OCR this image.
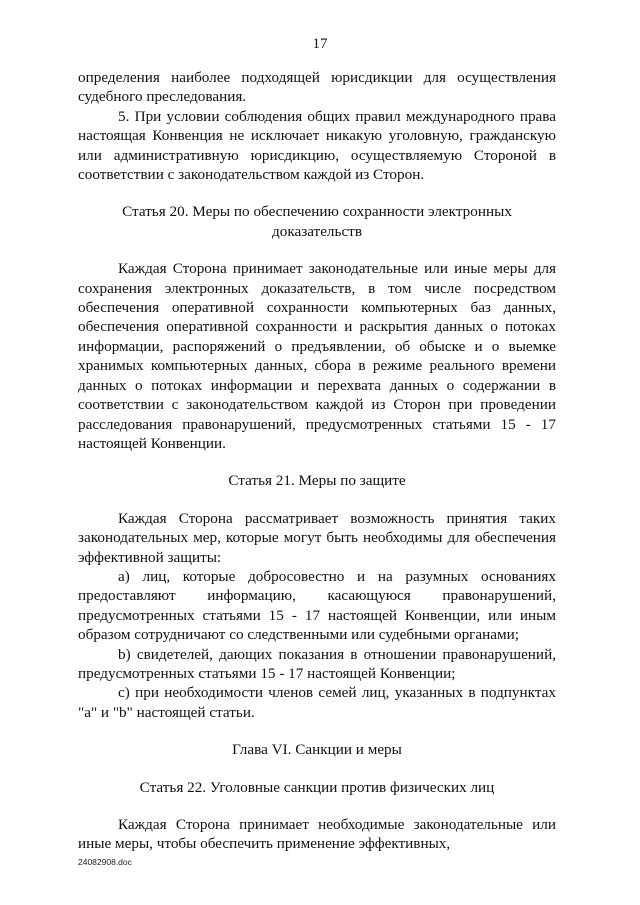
17

определения наиболее подходящей юрисдикции для осуществления судебного преследования.

5. При условии соблюдения общих правил международного права настоящая Конвенция не исключает никакую уголовную, гражданскую или административную юрисдикцию, осуществляемую Стороной в соответствии с законодательством каждой из Сторон.

Статья 20. Меры по обеспечению сохранности электронных доказательств

Каждая Сторона принимает законодательные или иные меры для сохранения электронных доказательств, в том числе посредством обеспечения оперативной сохранности компьютерных баз данных, обеспечения оперативной сохранности и раскрытия данных о потоках информации, распоряжений о предъявлении, об обыске и о выемке хранимых компьютерных данных, сбора в режиме реального времени данных о потоках информации и перехвата данных о содержании в соответствии с законодательством каждой из Сторон при проведении расследования правонарушений, предусмотренных статьями 15 - 17 настоящей Конвенции.

Статья 21. Меры по защите

Каждая Сторона рассматривает возможность принятия таких законодательных мер, которые могут быть необходимы для обеспечения эффективной защиты:

a) лиц, которые добросовестно и на разумных основаниях предоставляют информацию, касающуюся правонарушений, предусмотренных статьями 15 - 17 настоящей Конвенции, или иным образом сотрудничают со следственными или судебными органами;

b) свидетелей, дающих показания в отношении правонарушений, предусмотренных статьями 15 - 17 настоящей Конвенции;

c) при необходимости членов семей лиц, указанных в подпунктах "a" и "b" настоящей статьи.

Глава VI. Санкции и меры

Статья 22. Уголовные санкции против физических лиц

Каждая Сторона принимает необходимые законодательные или иные меры, чтобы обеспечить применение эффективных,

24082908.doc
